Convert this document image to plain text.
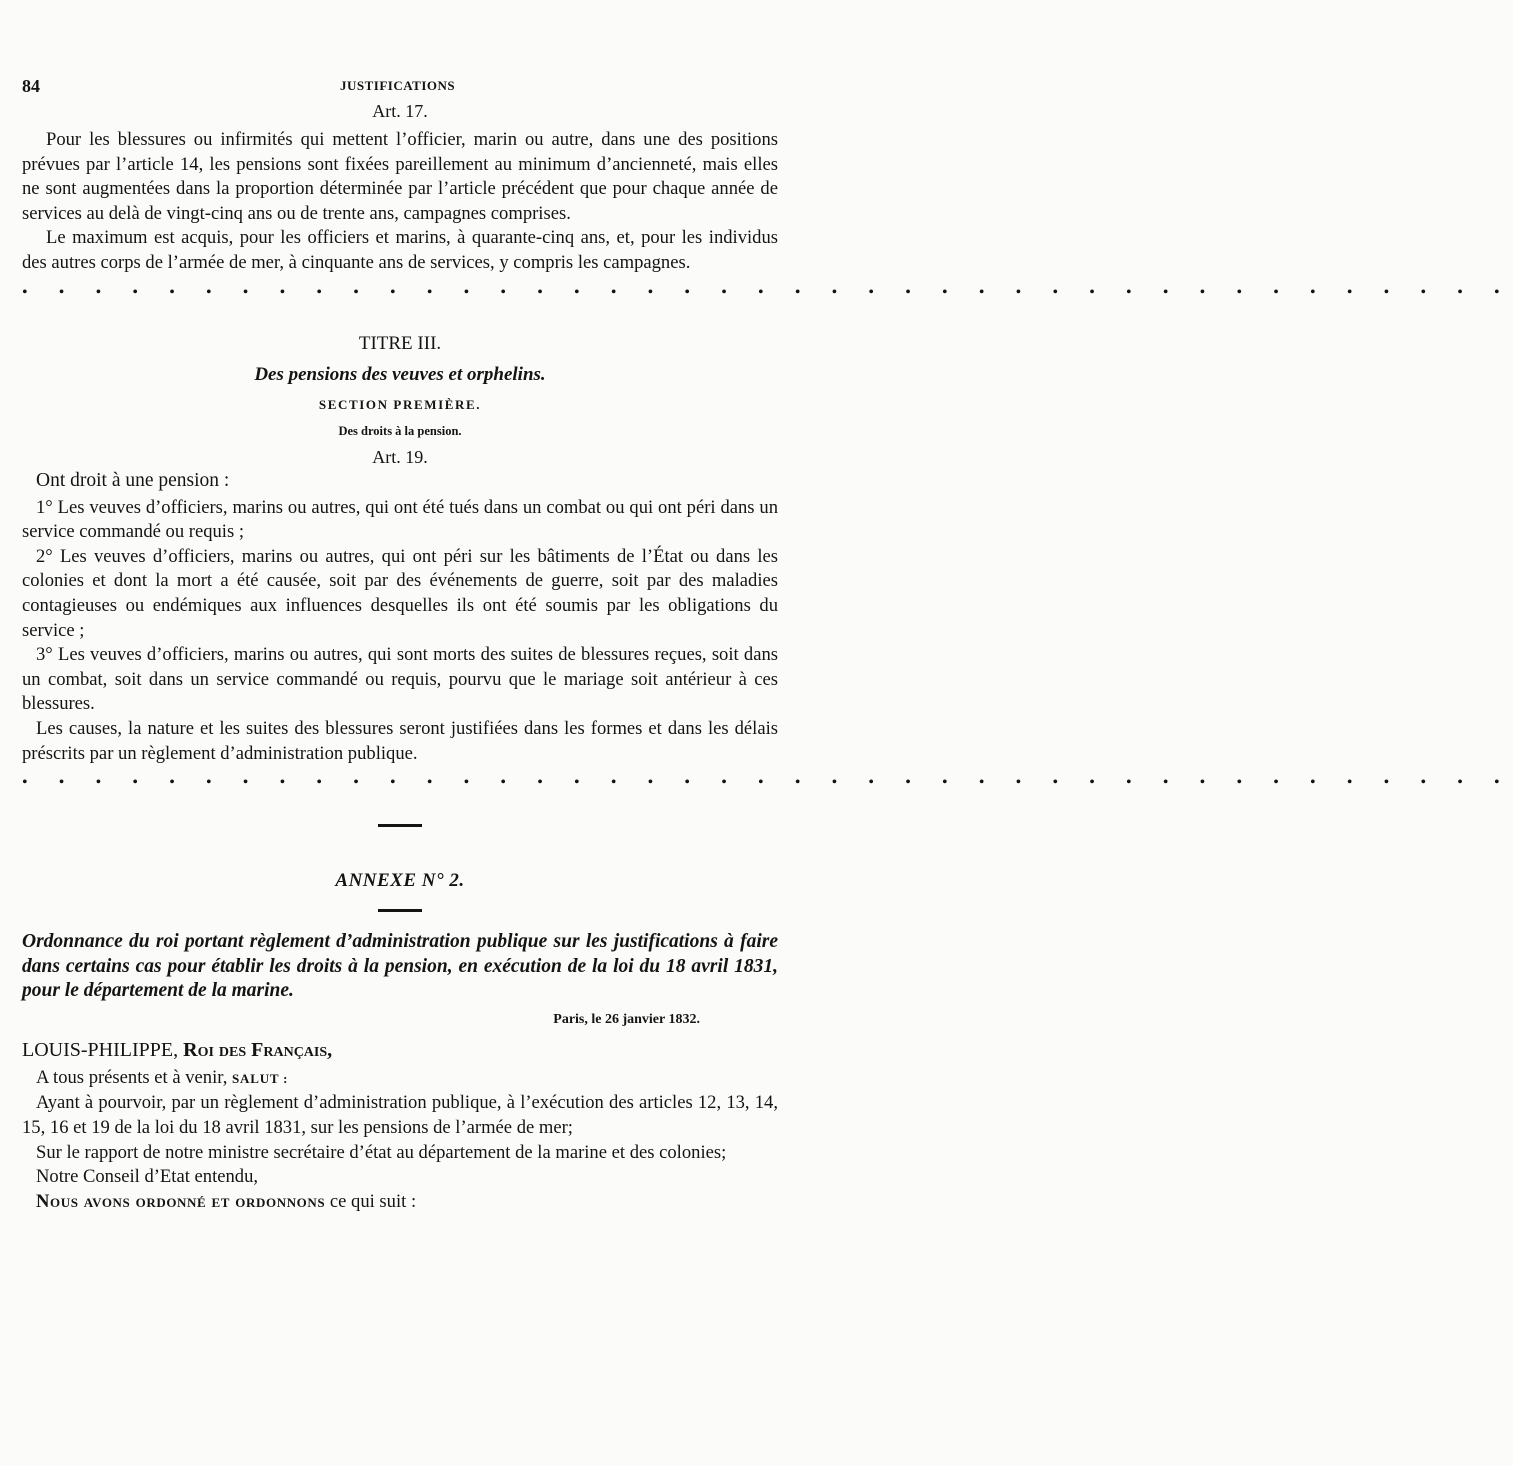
84	JUSTIFICATIONS
Art. 17.

Pour les blessures ou infirmités qui mettent l’officier, marin ou autre, dans une des positions prévues par l’article 14, les pensions sont fixées pareillement au minimum d’ancienneté, mais elles ne sont augmentées dans la proportion déterminée par l’article précédent que pour chaque année de services au delà de vingt-cinq ans ou de trente ans, campagnes comprises.

Le maximum est acquis, pour les officiers et marins, à quarante-cinq ans, et, pour les individus des autres corps de l’armée de mer, à cinquante ans de services, y compris les campagnes.

• • • • • • • • • • • • • • • • • • • • • • • • • • • • • • • • • • • • • • • • •
TITRE III.
Des pensions des veuves et orphelins.
SECTION PREMIÈRE.
Des droits à la pension.
Art. 19.
Ont droit à une pension :

1° Les veuves d’officiers, marins ou autres, qui ont été tués dans un combat ou qui ont péri dans un service commandé ou requis ;

2° Les veuves d’officiers, marins ou autres, qui ont péri sur les bâtiments de l’État ou dans les colonies et dont la mort a été causée, soit par des événements de guerre, soit par des maladies contagieuses ou endémiques aux influences desquelles ils ont été soumis par les obligations du service ;

3° Les veuves d’officiers, marins ou autres, qui sont morts des suites de blessures reçues, soit dans un combat, soit dans un service commandé ou requis, pourvu que le mariage soit antérieur à ces blessures.

Les causes, la nature et les suites des blessures seront justifiées dans les formes et dans les délais préscrits par un règlement d’administration publique.

• • • • • • • • • • • • • • • • • • • • • • • • • • • • • • • • • • • • • • • • •
ANNEXE N° 2.

Ordonnance du roi portant règlement d’administration publique sur les justifications à faire dans certains cas pour établir les droits à la pension, en exécution de la loi du 18 avril 1831, pour le département de la marine.

Paris, le 26 janvier 1832.
LOUIS-PHILIPPE, Roi des Français,

A tous présents et à venir, SALUT :

Ayant à pourvoir, par un règlement d’administration publique, à l’exécution des articles 12, 13, 14, 15, 16 et 19 de la loi du 18 avril 1831, sur les pensions de l’armée de mer;

Sur le rapport de notre ministre secrétaire d’état au département de la marine et des colonies;

Notre Conseil d’Etat entendu,

Nous avons ordonné et ordonnons ce qui suit :
